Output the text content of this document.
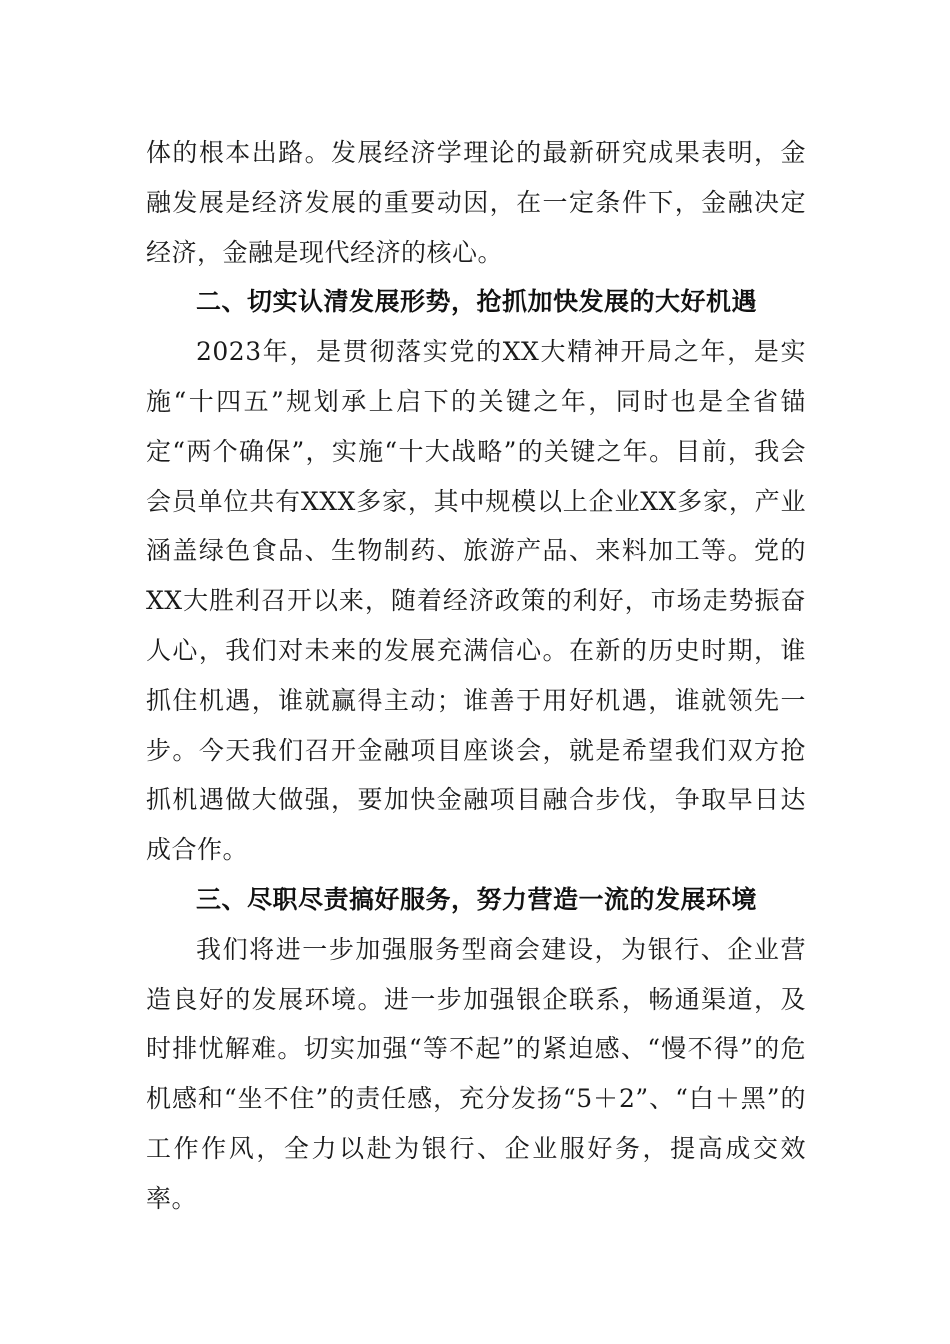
体的根本出路。发展经济学理论的最新研究成果表明，金融发展是经济发展的重要动因，在一定条件下，金融决定经济，金融是现代经济的核心。

二、切实认清发展形势，抢抓加快发展的大好机遇

2023年，是贯彻落实党的XX大精神开局之年，是实施“十四五”规划承上启下的关键之年，同时也是全省锚定“两个确保”，实施“十大战略”的关键之年。目前，我会会员单位共有XXX多家，其中规模以上企业XX多家，产业涵盖绿色食品、生物制药、旅游产品、来料加工等。党的XX大胜利召开以来，随着经济政策的利好，市场走势振奋人心，我们对未来的发展充满信心。在新的历史时期，谁抓住机遇，谁就赢得主动；谁善于用好机遇，谁就领先一步。今天我们召开金融项目座谈会，就是希望我们双方抢抓机遇做大做强，要加快金融项目融合步伐，争取早日达成合作。

三、尽职尽责搞好服务，努力营造一流的发展环境

我们将进一步加强服务型商会建设，为银行、企业营造良好的发展环境。进一步加强银企联系，畅通渠道，及时排忧解难。切实加强“等不起”的紧迫感、“慢不得”的危机感和“坐不住”的责任感，充分发扬“5＋2”、“白＋黑”的工作作风，全力以赴为银行、企业服好务，提高成交效率。
